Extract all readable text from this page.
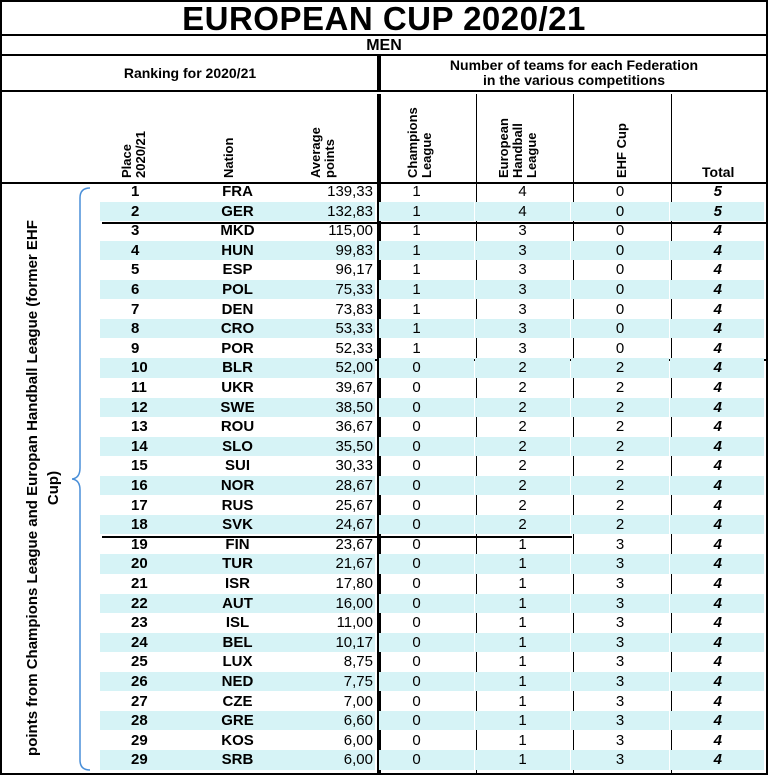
EUROPEAN CUP 2020/21
MEN
Ranking for 2020/21	Number of teams for each Federation
in the various competitions
Place
2020/21	Nation	Average
points	Champions
League	European
Handball
League	EHF Cup	Total
points from Champions League and Europan Handball League (former EHF Cup)
1	FRA	139,33	1	4	0	5
2	GER	132,83	1	4	0	5
3	MKD	115,00	1	3	0	4
4	HUN	99,83	1	3	0	4
5	ESP	96,17	1	3	0	4
6	POL	75,33	1	3	0	4
7	DEN	73,83	1	3	0	4
8	CRO	53,33	1	3	0	4
9	POR	52,33	1	3	0	4
10	BLR	52,00	0	2	2	4
11	UKR	39,67	0	2	2	4
12	SWE	38,50	0	2	2	4
13	ROU	36,67	0	2	2	4
14	SLO	35,50	0	2	2	4
15	SUI	30,33	0	2	2	4
16	NOR	28,67	0	2	2	4
17	RUS	25,67	0	2	2	4
18	SVK	24,67	0	2	2	4
19	FIN	23,67	0	1	3	4
20	TUR	21,67	0	1	3	4
21	ISR	17,80	0	1	3	4
22	AUT	16,00	0	1	3	4
23	ISL	11,00	0	1	3	4
24	BEL	10,17	0	1	3	4
25	LUX	8,75	0	1	3	4
26	NED	7,75	0	1	3	4
27	CZE	7,00	0	1	3	4
28	GRE	6,60	0	1	3	4
29	KOS	6,00	0	1	3	4
29	SRB	6,00	0	1	3	4
